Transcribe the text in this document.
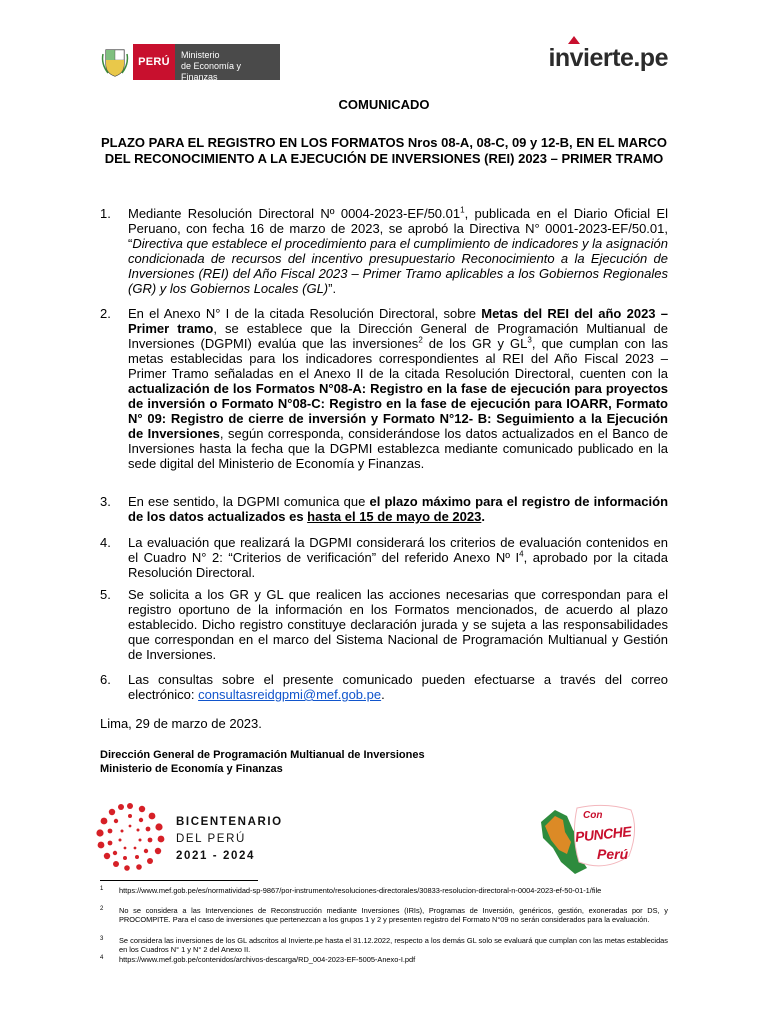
PERÚ
Ministerio
de Economía y Finanzas
invierte.pe
COMUNICADO
PLAZO PARA EL REGISTRO EN LOS FORMATOS Nros 08-A, 08-C, 09 y 12-B, EN EL MARCO DEL RECONOCIMIENTO A LA EJECUCIÓN DE INVERSIONES (REI) 2023 – PRIMER TRAMO
1. Mediante Resolución Directoral Nº 0004-2023-EF/50.01$^1$, publicada en el Diario Oficial El Peruano, con fecha 16 de marzo de 2023, se aprobó la Directiva N° 0001-2023-EF/50.01, “Directiva que establece el procedimiento para el cumplimiento de indicadores y la asignación condicionada de recursos del incentivo presupuestario Reconocimiento a la Ejecución de Inversiones (REI) del Año Fiscal 2023 – Primer Tramo aplicables a los Gobiernos Regionales (GR) y los Gobiernos Locales (GL)”.
2. En el Anexo N° I de la citada Resolución Directoral, sobre Metas del REI del año 2023 – Primer tramo, se establece que la Dirección General de Programación Multianual de Inversiones (DGPMI) evalúa que las inversiones$^2$ de los GR y $GL^3$, que cumplan con las metas establecidas para los indicadores correspondientes al REI del Año Fiscal 2023 – Primer Tramo señaladas en el Anexo II de la citada Resolución Directoral, cuenten con la actualización de los Formatos N°08-A: Registro en la fase de ejecución para proyectos de inversión o Formato N°08-C: Registro en la fase de ejecución para IOARR, Formato N° 09: Registro de cierre de inversión y Formato N°12- B: Seguimiento a la Ejecución de Inversiones, según corresponda, considerándose los datos actualizados en el Banco de Inversiones hasta la fecha que la DGPMI establezca mediante comunicado publicado en la sede digital del Ministerio de Economía y Finanzas.
3. En ese sentido, la DGPMI comunica que el plazo máximo para el registro de información de los datos actualizados es hasta el 15 de mayo de 2023.
4. La evaluación que realizará la DGPMI considerará los criterios de evaluación contenidos en el Cuadro N° 2: “Criterios de verificación” del referido Anexo Nº $I^4$, aprobado por la citada Resolución Directoral.
5. Se solicita a los GR y GL que realicen las acciones necesarias que correspondan para el registro oportuno de la información en los Formatos mencionados, de acuerdo al plazo establecido. Dicho registro constituye declaración jurada y se sujeta a las responsabilidades que correspondan en el marco del Sistema Nacional de Programación Multianual y Gestión de Inversiones.
6. Las consultas sobre el presente comunicado pueden efectuarse a través del correo electrónico: consultasreidgpmi@mef.gob.pe.
Lima, 29 de marzo de 2023.
Dirección General de Programación Multianual de Inversiones
Ministerio de Economía y Finanzas
BICENTENARIO
DEL PERÚ
2021 - 2024
Con
PUNCHE
Perú
1 https://www.mef.gob.pe/es/normatividad-sp-9867/por-instrumento/resoluciones-directorales/30833-resolucion-directoral-n-0004-2023-ef-50-01-1/file
2 No se considera a las Intervenciones de Reconstrucción mediante Inversiones (IRIs), Programas de Inversión, genéricos, gestión, exoneradas por DS, y PROCOMPITE. Para el caso de inversiones que pertenezcan a los grupos 1 y 2 y presenten registro del Formato N°09 no serán considerados para la evaluación.
3 Se considera las inversiones de los GL adscritos al Invierte.pe hasta el 31.12.2022, respecto a los demás GL solo se evaluará que cumplan con las metas establecidas en los Cuadros N° 1 y N° 2 del Anexo II.
4 https://www.mef.gob.pe/contenidos/archivos-descarga/RD_004-2023-EF-5005-Anexo-I.pdf
